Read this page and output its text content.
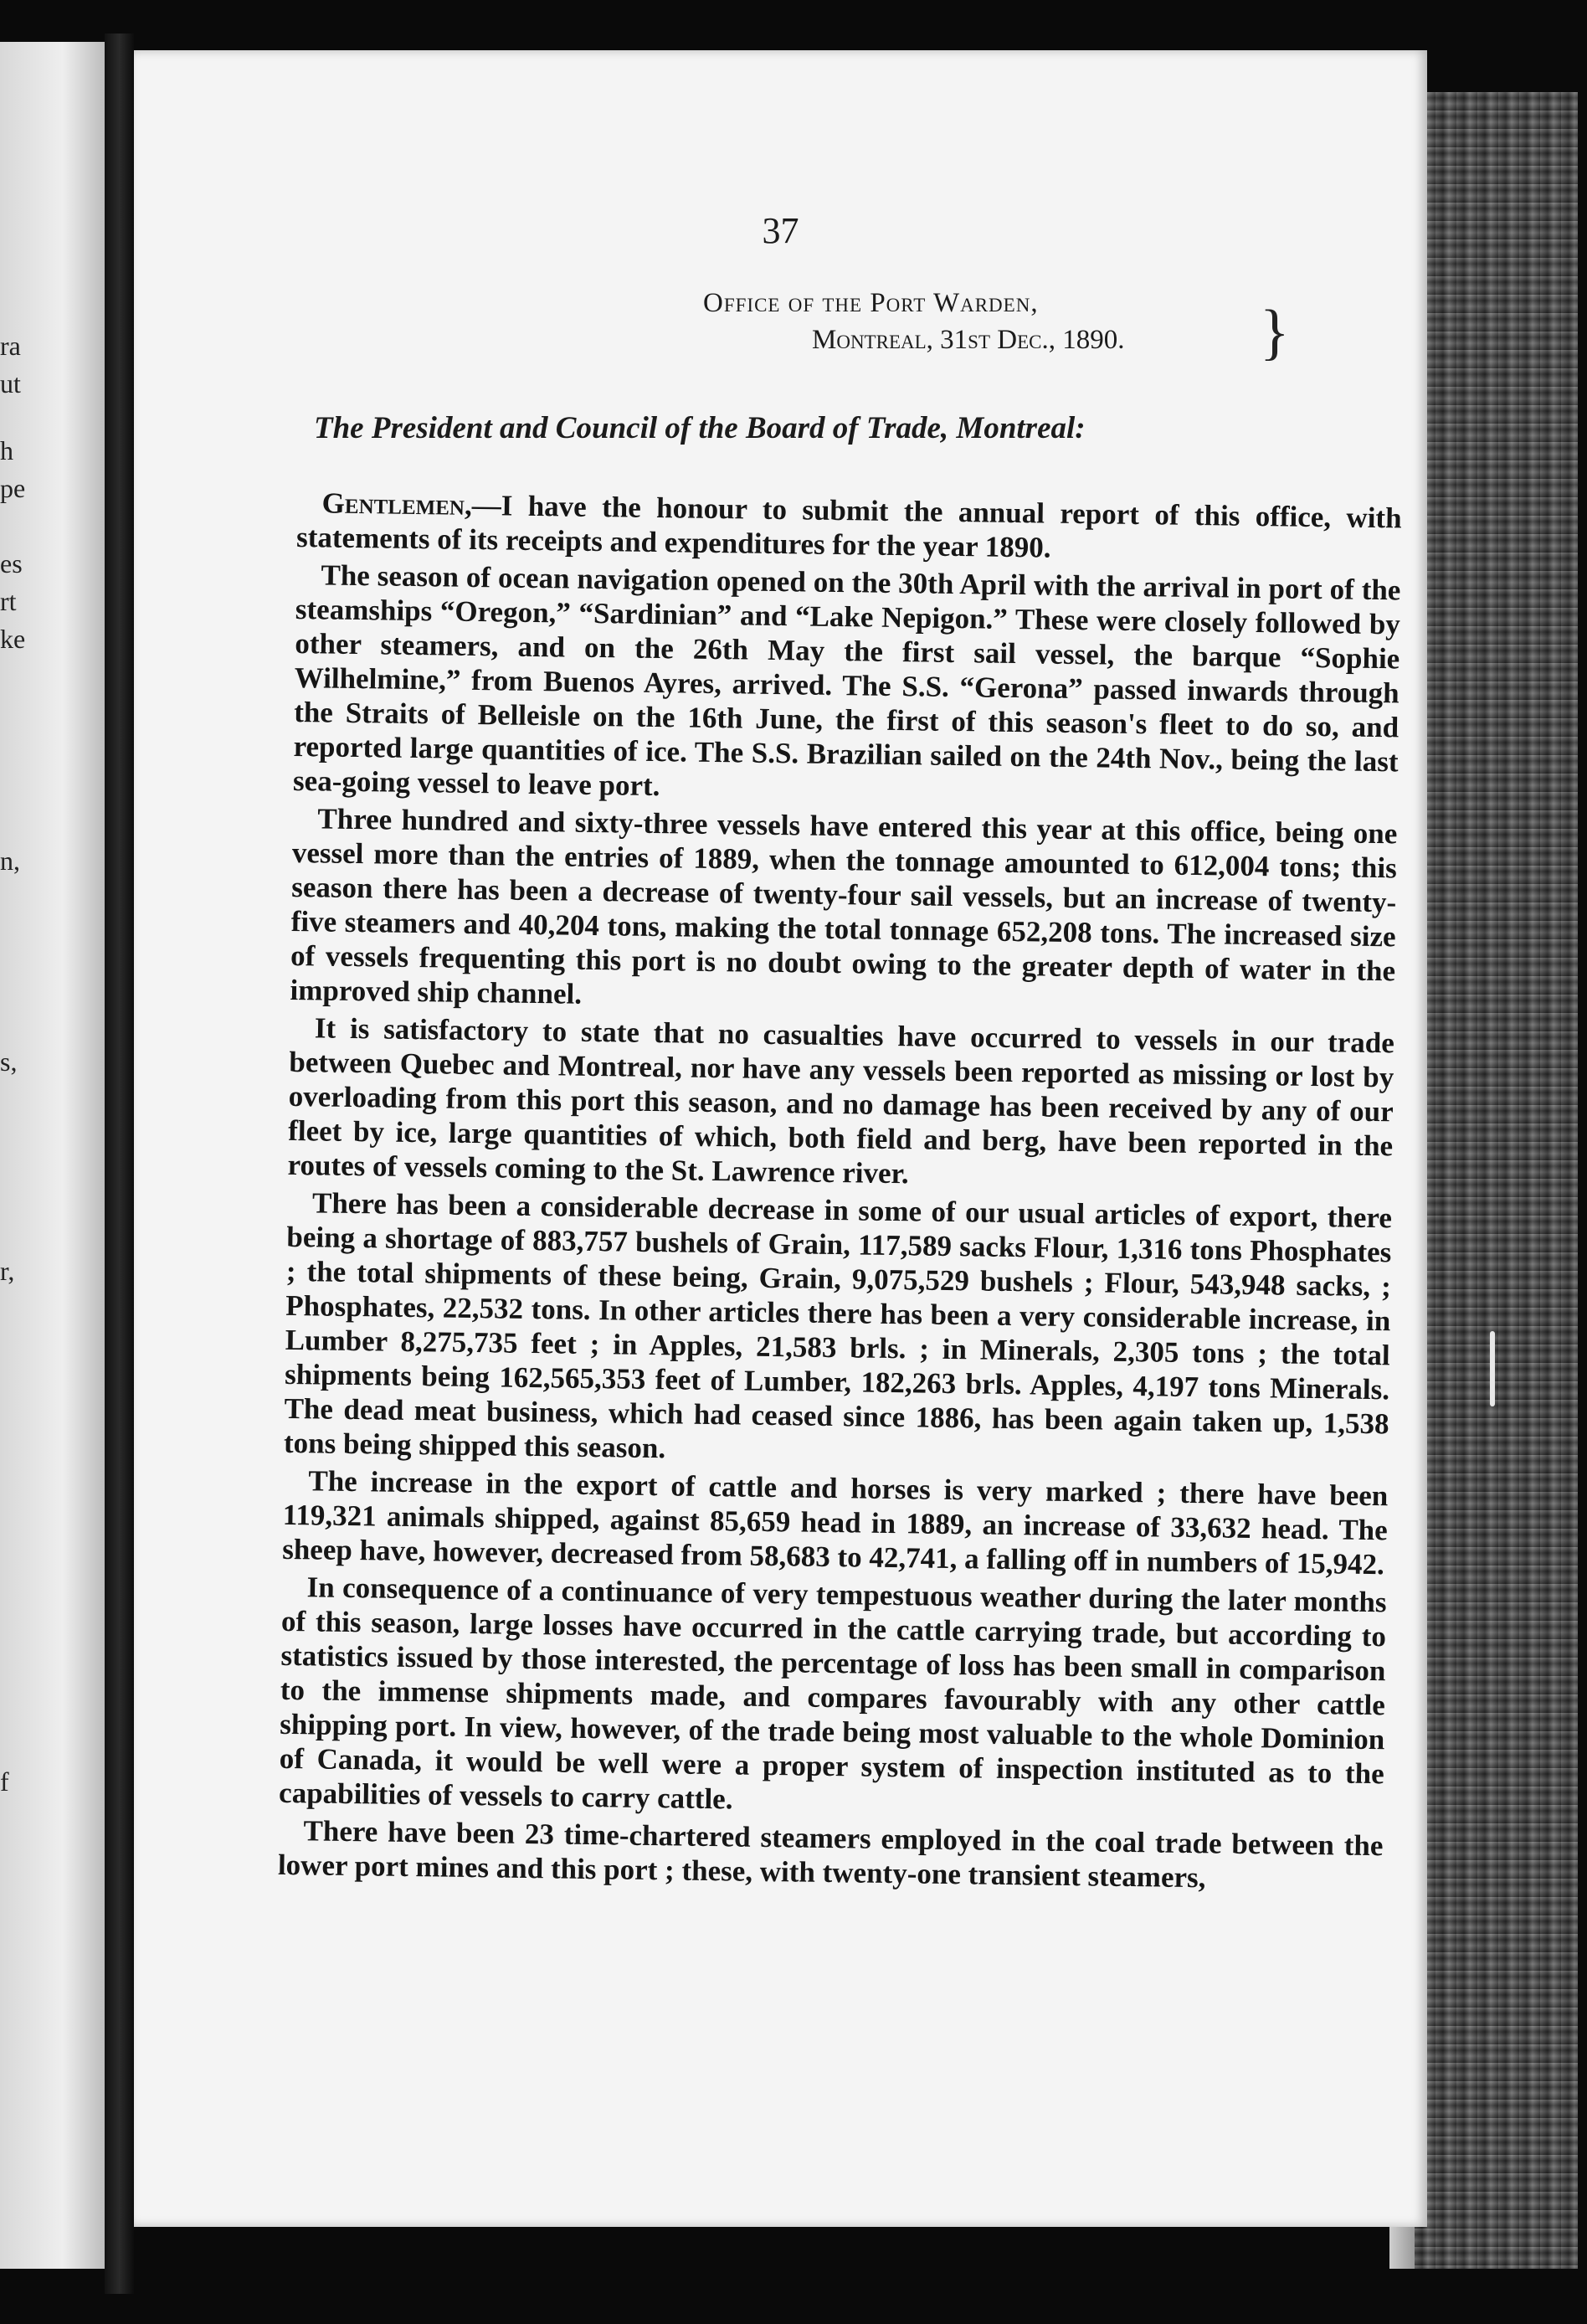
ra
ut
h
pe
es
rt
ke
n,
s,
r,
f
37
Office of the Port Warden,
Montreal, 31st Dec., 1890.	}
The President and Council of the Board of Trade, Montreal:

Gentlemen,—I have the honour to submit the annual report of this office, with statements of its receipts and expenditures for the year 1890.

The season of ocean navigation opened on the 30th April with the arrival in port of the steamships “Oregon,” “Sardinian” and “Lake Nepigon.” These were closely followed by other steamers, and on the 26th May the first sail vessel, the barque “Sophie Wilhelmine,” from Buenos Ayres, arrived. The S.S. “Gerona” passed inwards through the Straits of Belleisle on the 16th June, the first of this season's fleet to do so, and reported large quantities of ice. The S.S. Brazilian sailed on the 24th Nov., being the last sea-going vessel to leave port.

Three hundred and sixty-three vessels have entered this year at this office, being one vessel more than the entries of 1889, when the tonnage amounted to 612,004 tons; this season there has been a decrease of twenty-four sail vessels, but an increase of twenty-five steamers and 40,204 tons, making the total tonnage 652,208 tons. The increased size of vessels frequenting this port is no doubt owing to the greater depth of water in the improved ship channel.

It is satisfactory to state that no casualties have occurred to vessels in our trade between Quebec and Montreal, nor have any vessels been reported as missing or lost by overloading from this port this season, and no damage has been received by any of our fleet by ice, large quantities of which, both field and berg, have been reported in the routes of vessels coming to the St. Lawrence river.

There has been a considerable decrease in some of our usual articles of export, there being a shortage of 883,757 bushels of Grain, 117,589 sacks Flour, 1,316 tons Phosphates ; the total shipments of these being, Grain, 9,075,529 bushels ; Flour, 543,948 sacks, ; Phosphates, 22,532 tons. In other articles there has been a very considerable increase, in Lumber 8,275,735 feet ; in Apples, 21,583 brls. ; in Minerals, 2,305 tons ; the total shipments being 162,565,353 feet of Lumber, 182,263 brls. Apples, 4,197 tons Minerals. The dead meat business, which had ceased since 1886, has been again taken up, 1,538 tons being shipped this season.

The increase in the export of cattle and horses is very marked ; there have been 119,321 animals shipped, against 85,659 head in 1889, an increase of 33,632 head. The sheep have, however, decreased from 58,683 to 42,741, a falling off in numbers of 15,942.

In consequence of a continuance of very tempestuous weather during the later months of this season, large losses have occurred in the cattle carrying trade, but according to statistics issued by those interested, the percentage of loss has been small in comparison to the immense shipments made, and compares favourably with any other cattle shipping port. In view, however, of the trade being most valuable to the whole Dominion of Canada, it would be well were a proper system of inspection instituted as to the capabilities of vessels to carry cattle.

There have been 23 time-chartered steamers employed in the coal trade between the lower port mines and this port ; these, with twenty-one transient steamers,
